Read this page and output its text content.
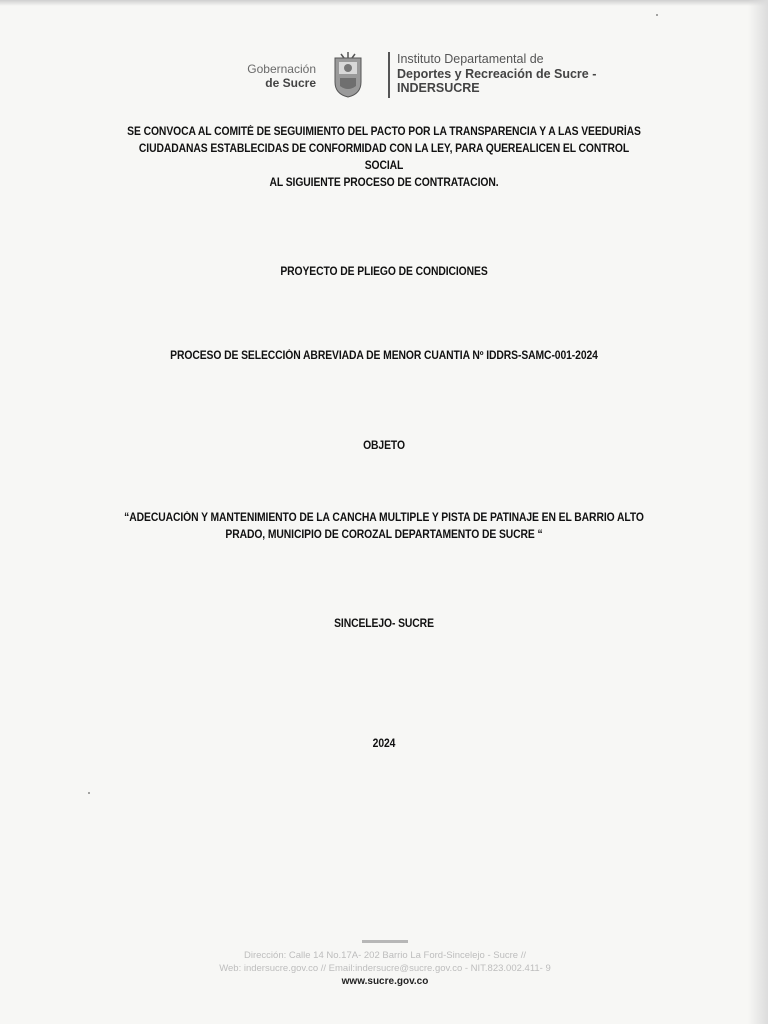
Gobernación
de Sucre
Instituto Departamental de
Deportes y Recreación de Sucre -
INDERSUCRE
SE CONVOCA AL COMITÉ DE SEGUIMIENTO DEL PACTO POR LA TRANSPARENCIA Y A LAS VEEDURÍAS
CIUDADANAS ESTABLECIDAS DE CONFORMIDAD CON LA LEY, PARA QUEREALICEN EL CONTROL SOCIAL
AL SIGUIENTE PROCESO DE CONTRATACION.
PROYECTO DE PLIEGO DE CONDICIONES
PROCESO DE SELECCIÓN ABREVIADA DE MENOR CUANTIA Nº IDDRS-SAMC-001-2024
OBJETO
“ADECUACIÓN Y MANTENIMIENTO DE LA CANCHA MULTIPLE Y PISTA DE PATINAJE EN EL BARRIO ALTO
PRADO, MUNICIPIO DE COROZAL DEPARTAMENTO DE SUCRE “
SINCELEJO- SUCRE
2024
Dirección: Calle 14 No.17A- 202 Barrio La Ford-Sincelejo - Sucre //
Web: indersucre.gov.co // Email:indersucre@sucre.gov.co - NIT.823.002.411- 9
www.sucre.gov.co
